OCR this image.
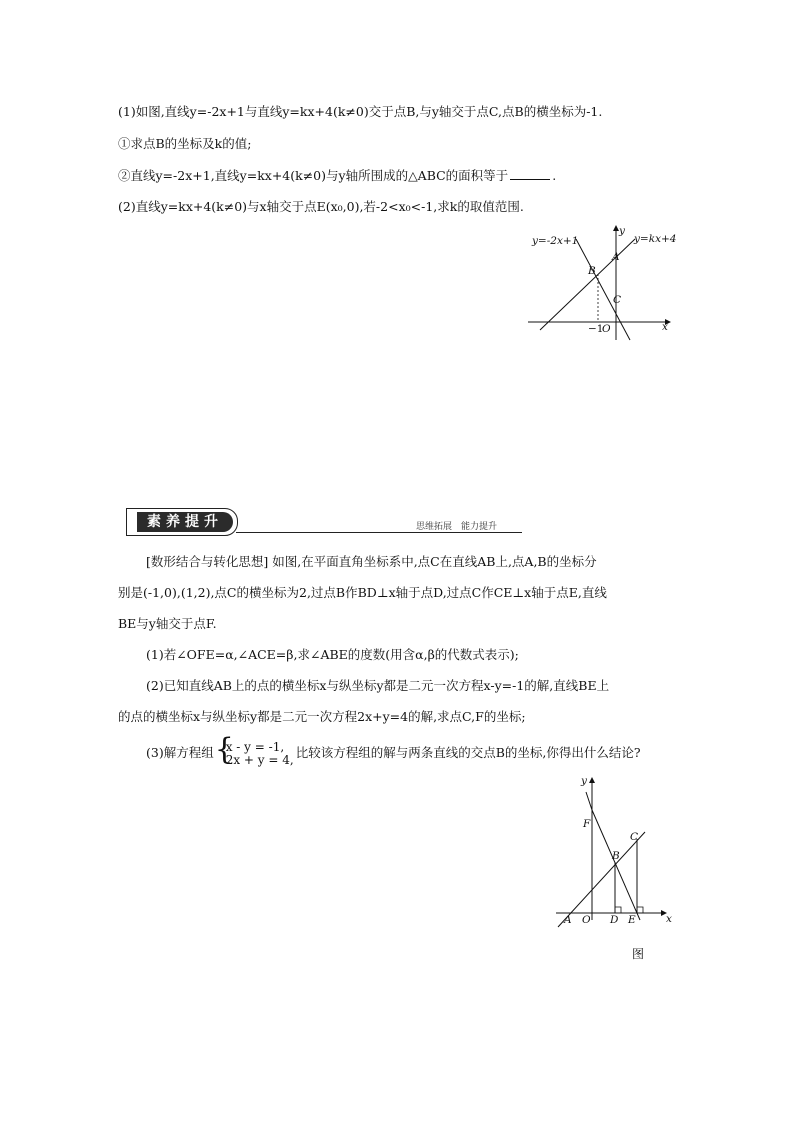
(1)如图,直线y=-2x+1与直线y=kx+4(k≠0)交于点B,与y轴交于点C,点B的横坐标为-1.
①求点B的坐标及k的值;
②直线y=-2x+1,直线y=kx+4(k≠0)与y轴所围成的△ABC的面积等于	.
(2)直线y=kx+4(k≠0)与x轴交于点E(x₀,0),若-2<x₀<-1,求k的取值范围.
y=-2x+1	y=kx+4
y
x
A
B
C
O
−1
素养提升	思维拓展　能力提升
[数形结合与转化思想] 如图,在平面直角坐标系中,点C在直线AB上,点A,B的坐标分
别是(-1,0),(1,2),点C的横坐标为2,过点B作BD⊥x轴于点D,过点C作CE⊥x轴于点E,直线
BE与y轴交于点F.
(1)若∠OFE=α,∠ACE=β,求∠ABE的度数(用含α,β的代数式表示);
(2)已知直线AB上的点的横坐标x与纵坐标y都是二元一次方程x-y=-1的解,直线BE上
的点的横坐标x与纵坐标y都是二元一次方程2x+y=4的解,求点C,F的坐标;
(3)解方程组
{ x - y = -1,
2x + y = 4, 比较该方程组的解与两条直线的交点B的坐标,你得出什么结论?
y
x
F
C
B
A O D E
图
